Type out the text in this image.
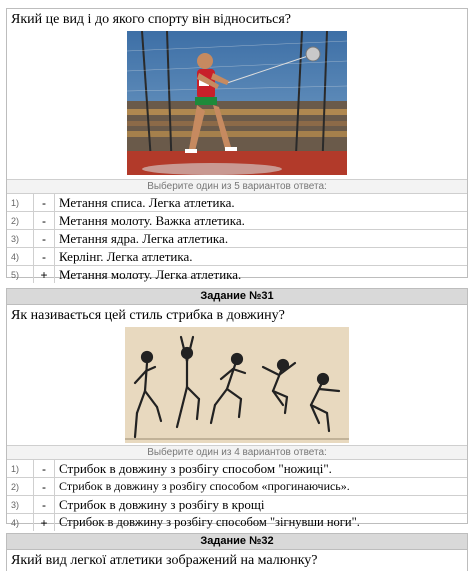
Який це вид і до якого спорту він відноситься?
Выберите один из 5 вариантов ответа:
1)	-	Метання списа. Легка атлетика.
2)	-	Метання молоту. Важка атлетика.
3)	-	Метання ядра. Легка атлетика.
4)	-	Керлінг. Легка атлетика.
5)	+	Метання молоту. Легка атлетика.
Задание №31
Як називається цей стиль стрибка в довжину?
Выберите один из 4 вариантов ответа:
1)	-	Стрибок в довжину з розбігу способом "ножиці".
2)	-	Стрибок в довжину з розбігу способом «прогинаючись».
3)	-	Стрибок в довжину з розбігу в крощі
4)	+	Стрибок в довжину з розбігу способом "зігнувши ноги".
Задание №32
Який вид легкої атлетики зображений на малюнку?
